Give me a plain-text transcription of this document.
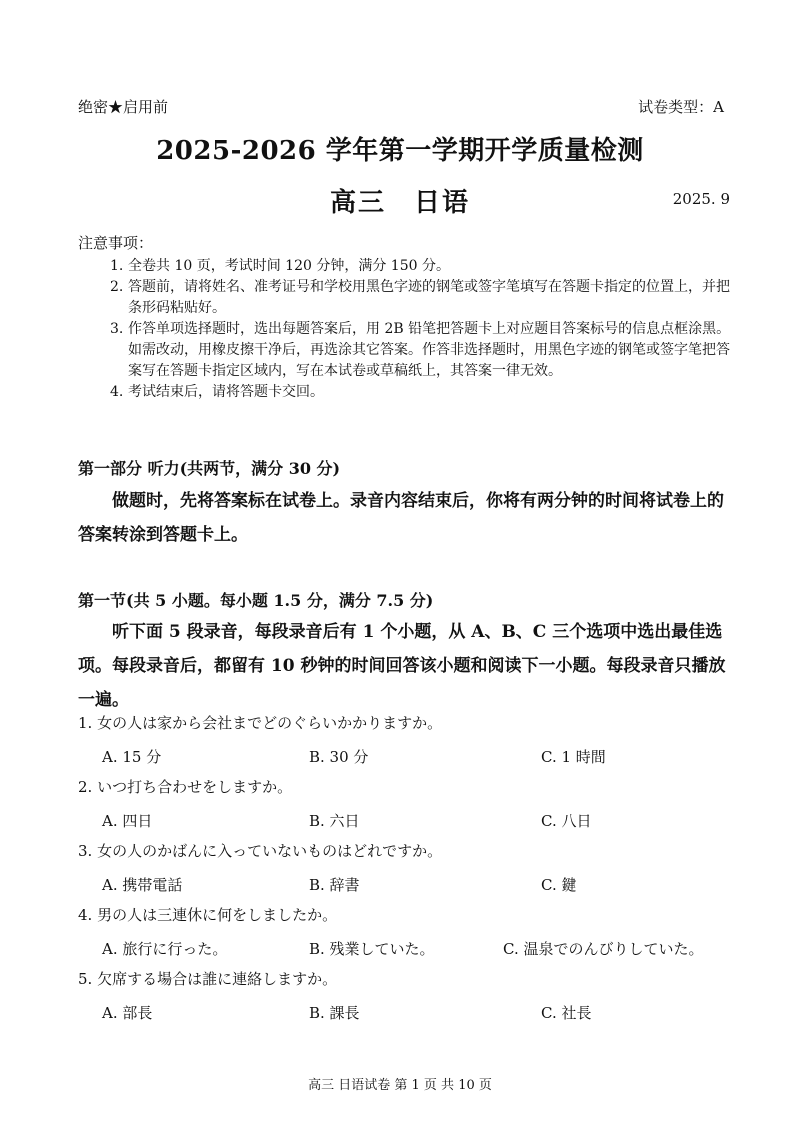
绝密★启用前	试卷类型：A
2025-2026 学年第一学期开学质量检测
高三　日语	2025. 9
注意事项：
1. 全卷共 10 页，考试时间 120 分钟，满分 150 分。
2. 答题前，请将姓名、准考证号和学校用黑色字迹的钢笔或签字笔填写在答题卡指定的位置上，并把条形码粘贴好。
3. 作答单项选择题时，选出每题答案后，用 2B 铅笔把答题卡上对应题目答案标号的信息点框涂黑。如需改动，用橡皮擦干净后，再选涂其它答案。作答非选择题时，用黑色字迹的钢笔或签字笔把答案写在答题卡指定区域内，写在本试卷或草稿纸上，其答案一律无效。
4. 考试结束后，请将答题卡交回。
第一部分 听力(共两节，满分 30 分)
做题时，先将答案标在试卷上。录音内容结束后，你将有两分钟的时间将试卷上的答案转涂到答题卡上。
第一节(共 5 小题。每小题 1.5 分，满分 7.5 分)
听下面 5 段录音，每段录音后有 1 个小题，从 A、B、C 三个选项中选出最佳选项。每段录音后，都留有 10 秒钟的时间回答该小题和阅读下一小题。每段录音只播放一遍。
1. 女の人は家から会社までどのぐらいかかりますか。
A. 15 分	B. 30 分	C. 1 時間
2. いつ打ち合わせをしますか。
A. 四日	B. 六日	C. 八日
3. 女の人のかばんに入っていないものはどれですか。
A. 携帯電話	B. 辞書	C. 鍵
4. 男の人は三連休に何をしましたか。
A. 旅行に行った。	B. 残業していた。	C. 温泉でのんびりしていた。
5. 欠席する場合は誰に連絡しますか。
A. 部長	B. 課長	C. 社長
高三 日语试卷 第 1 页 共 10 页
